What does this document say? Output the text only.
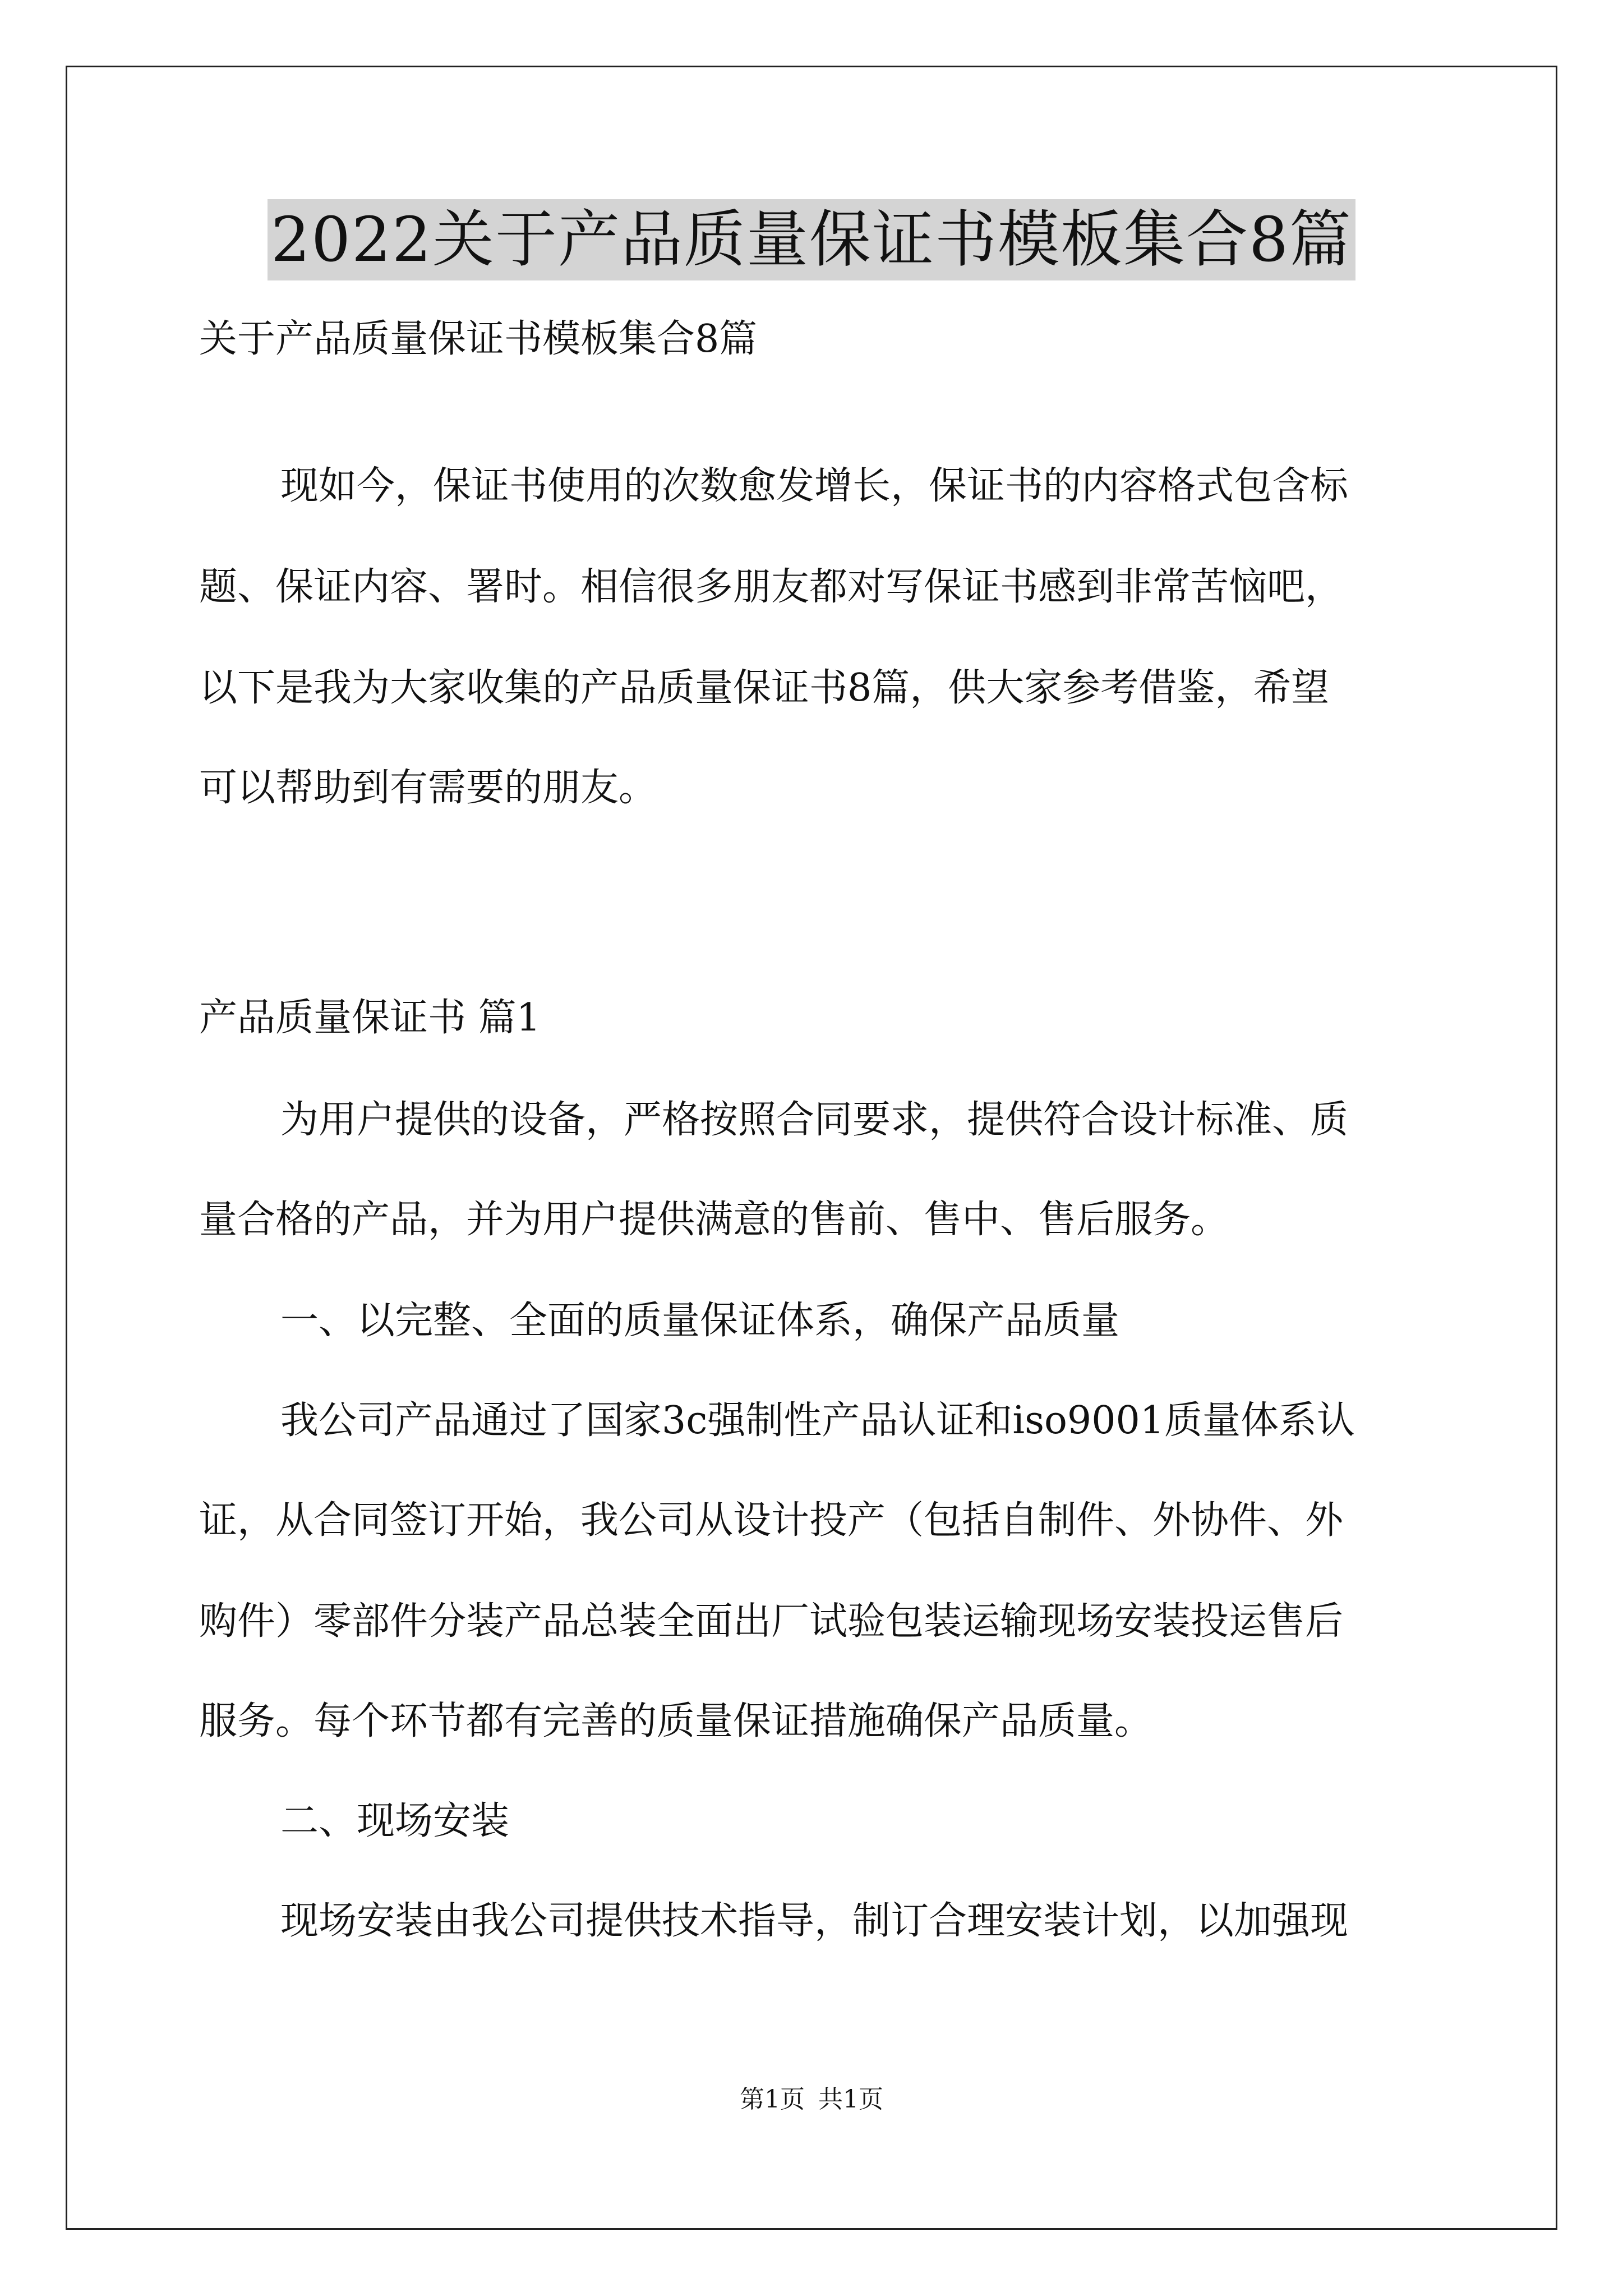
2022关于产品质量保证书模板集合8篇
关于产品质量保证书模板集合8篇
现如今，保证书使用的次数愈发增长，保证书的内容格式包含标
题、保证内容、署时。相信很多朋友都对写保证书感到非常苦恼吧，
以下是我为大家收集的产品质量保证书8篇，供大家参考借鉴，希望
可以帮助到有需要的朋友。
产品质量保证书 篇1
为用户提供的设备，严格按照合同要求，提供符合设计标准、质
量合格的产品，并为用户提供满意的售前、售中、售后服务。
一、以完整、全面的质量保证体系，确保产品质量
我公司产品通过了国家3c强制性产品认证和iso9001质量体系认
证，从合同签订开始，我公司从设计投产（包括自制件、外协件、外
购件）零部件分装产品总装全面出厂试验包装运输现场安装投运售后
服务。每个环节都有完善的质量保证措施确保产品质量。
二、现场安装
现场安装由我公司提供技术指导，制订合理安装计划，以加强现
第1页 共1页
